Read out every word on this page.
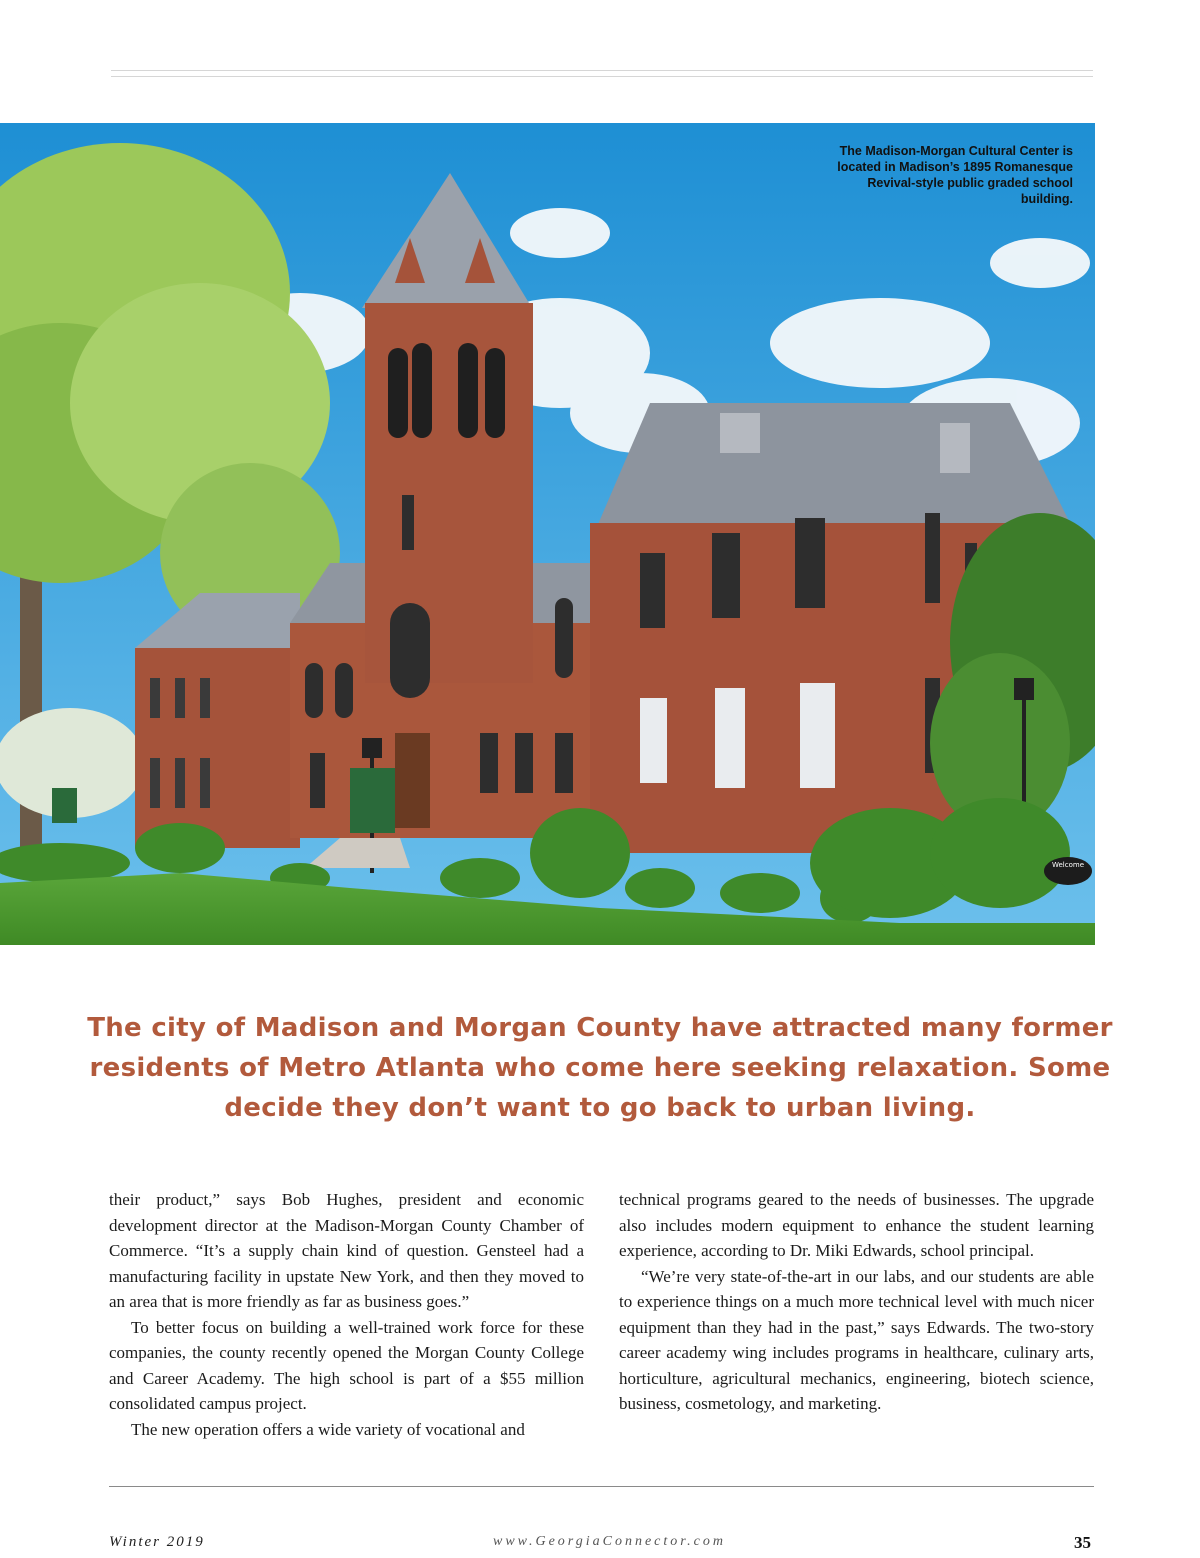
Welcome
The Madison-Morgan Cultural Center is located in Madison’s 1895 Romanesque Revival-style public graded school building.
The city of Madison and Morgan County have attracted many former residents of Metro Atlanta who come here seeking relaxation. Some decide they don’t want to go back to urban living.

their product,” says Bob Hughes, president and economic development director at the Madison-Morgan County Chamber of Commerce. “It’s a supply chain kind of question. Gensteel had a manufacturing facility in upstate New York, and then they moved to an area that is more friendly as far as business goes.”

To better focus on building a well-trained work force for these companies, the county recently opened the Morgan County College and Career Academy. The high school is part of a $55 million consolidated campus project.

The new operation offers a wide variety of vocational and

technical programs geared to the needs of businesses. The upgrade also includes modern equipment to enhance the student learning experience, according to Dr. Miki Edwards, school principal.

“We’re very state-of-the-art in our labs, and our students are able to experience things on a much more technical level with much nicer equipment than they had in the past,” says Edwards. The two-story career academy wing includes programs in healthcare, culinary arts, horticulture, agricultural mechanics, engineering, biotech science, business, cosmetology, and marketing.

Winter 2019	www.GeorgiaConnector.com	35
